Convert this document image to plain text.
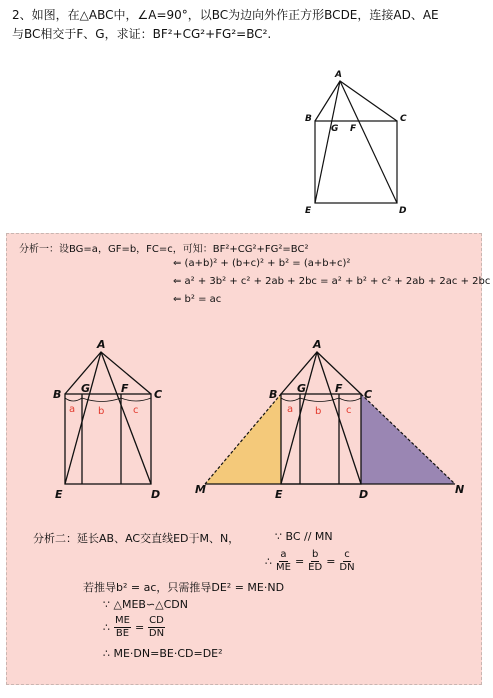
2、如图，在△ABC中，∠A=90°，以BC为边向外作正方形BCDE，连接AD、AE
与BC相交于F、G，求证：BF²+CG²+FG²=BC².
A
B	C
D
E
G F
分析一：设BG=a，GF=b，FC=c，可知：BF²+CG²+FG²=BC²
⇐ (a+b)² + (b+c)² + b² = (a+b+c)²
⇐ a² + 3b² + c² + 2ab + 2bc = a² + b² + c² + 2ab + 2ac + 2bc
⇐ b² = ac
A
B	C
D
E
G	F
a b	c
A
B	C
D
E
G	F
M	N
a b c
分析二：延长AB、AC交直线ED于M、N，	∵ BC // MN
∴ $\frac{a}{ME} = \frac{b}{ED} = \frac{c}{DN}$
若推导b² = ac，只需推导DE² = ME·ND
∵ △MEB∽△CDN
∴ $\frac{ME}{BE} = \frac{CD}{DN}$
∴ ME·DN=BE·CD=DE²
